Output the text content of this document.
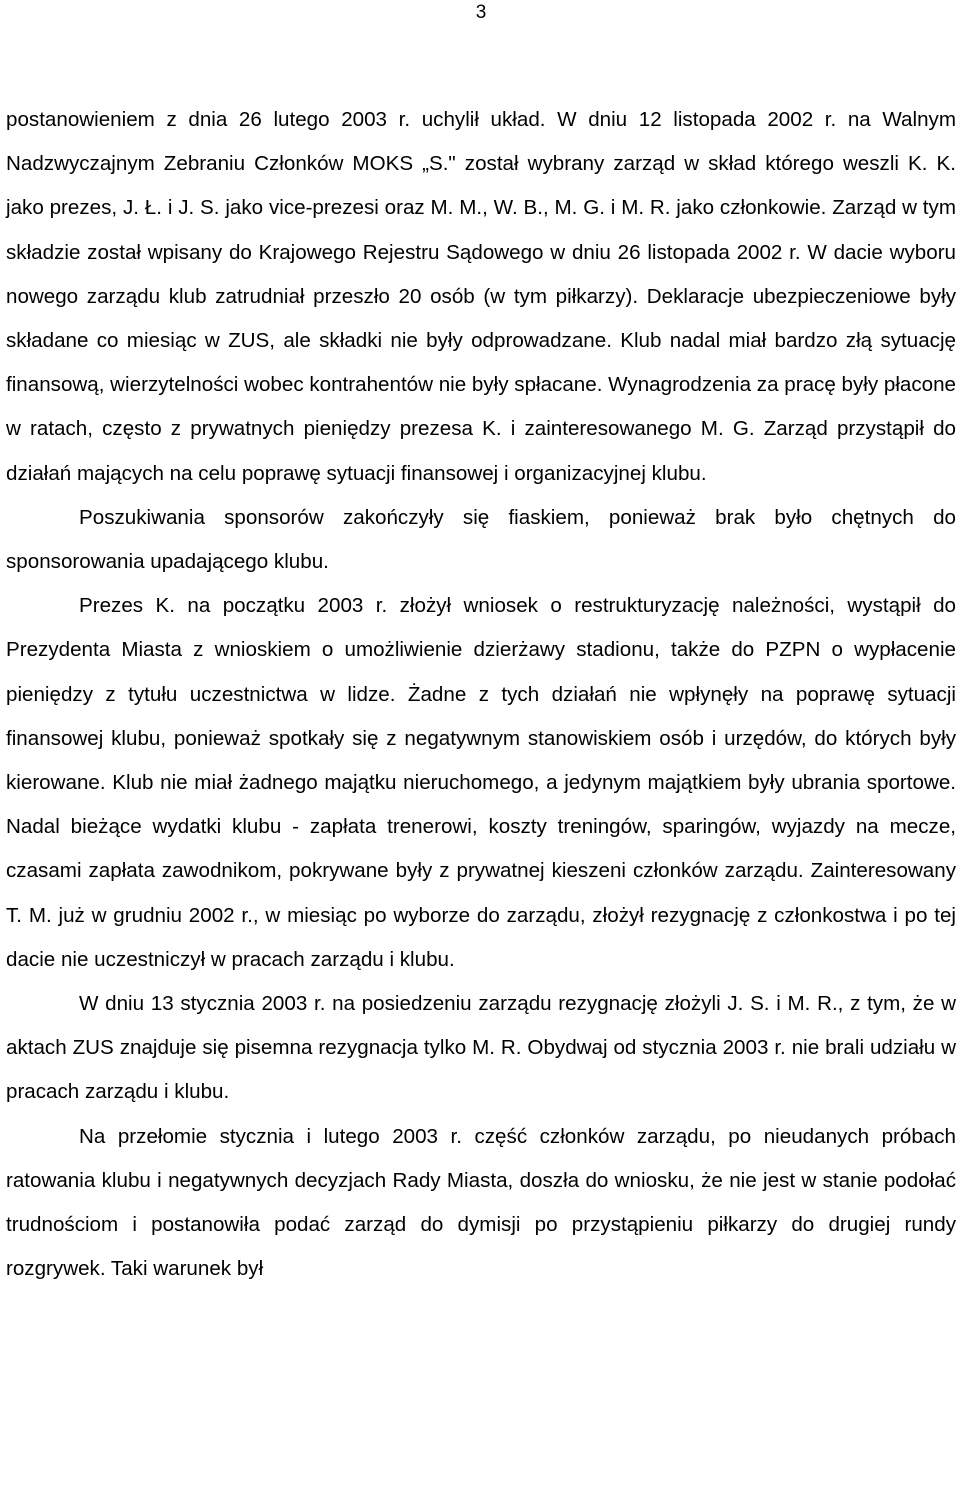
3

postanowieniem z dnia 26 lutego 2003 r. uchylił układ. W dniu 12 listopada 2002 r. na Walnym Nadzwyczajnym Zebraniu Członków MOKS „S." został wybrany zarząd w skład którego weszli K. K. jako prezes, J. Ł. i J. S. jako vice-prezesi oraz M. M., W. B., M. G. i M. R. jako członkowie. Zarząd w tym składzie został wpisany do Krajowego Rejestru Sądowego w dniu 26 listopada 2002 r. W dacie wyboru nowego zarządu klub zatrudniał przeszło 20 osób (w tym piłkarzy). Deklaracje ubezpieczeniowe były składane co miesiąc w ZUS, ale składki nie były odprowadzane. Klub nadal miał bardzo złą sytuację finansową, wierzytelności wobec kontrahentów nie były spłacane. Wynagrodzenia za pracę były płacone w ratach, często z prywatnych pieniędzy prezesa K. i zainteresowanego M. G. Zarząd przystąpił do działań mających na celu poprawę sytuacji finansowej i organizacyjnej klubu.

Poszukiwania sponsorów zakończyły się fiaskiem, ponieważ brak było chętnych do sponsorowania upadającego klubu.

Prezes K. na początku 2003 r. złożył wniosek o restrukturyzację należności, wystąpił do Prezydenta Miasta z wnioskiem o umożliwienie dzierżawy stadionu, także do PZPN o wypłacenie pieniędzy z tytułu uczestnictwa w lidze. Żadne z tych działań nie wpłynęły na poprawę sytuacji finansowej klubu, ponieważ spotkały się z negatywnym stanowiskiem osób i urzędów, do których były kierowane. Klub nie miał żadnego majątku nieruchomego, a jedynym majątkiem były ubrania sportowe. Nadal bieżące wydatki klubu - zapłata trenerowi, koszty treningów, sparingów, wyjazdy na mecze, czasami zapłata zawodnikom, pokrywane były z prywatnej kieszeni członków zarządu. Zainteresowany T. M. już w grudniu 2002 r., w miesiąc po wyborze do zarządu, złożył rezygnację z członkostwa i po tej dacie nie uczestniczył w pracach zarządu i klubu.

W dniu 13 stycznia 2003 r. na posiedzeniu zarządu rezygnację złożyli J. S. i M. R., z tym, że w aktach ZUS znajduje się pisemna rezygnacja tylko M. R. Obydwaj od stycznia 2003 r. nie brali udziału w pracach zarządu i klubu.

Na przełomie stycznia i lutego 2003 r. część członków zarządu, po nieudanych próbach ratowania klubu i negatywnych decyzjach Rady Miasta, doszła do wniosku, że nie jest w stanie podołać trudnościom i postanowiła podać zarząd do dymisji po przystąpieniu piłkarzy do drugiej rundy rozgrywek. Taki warunek był
